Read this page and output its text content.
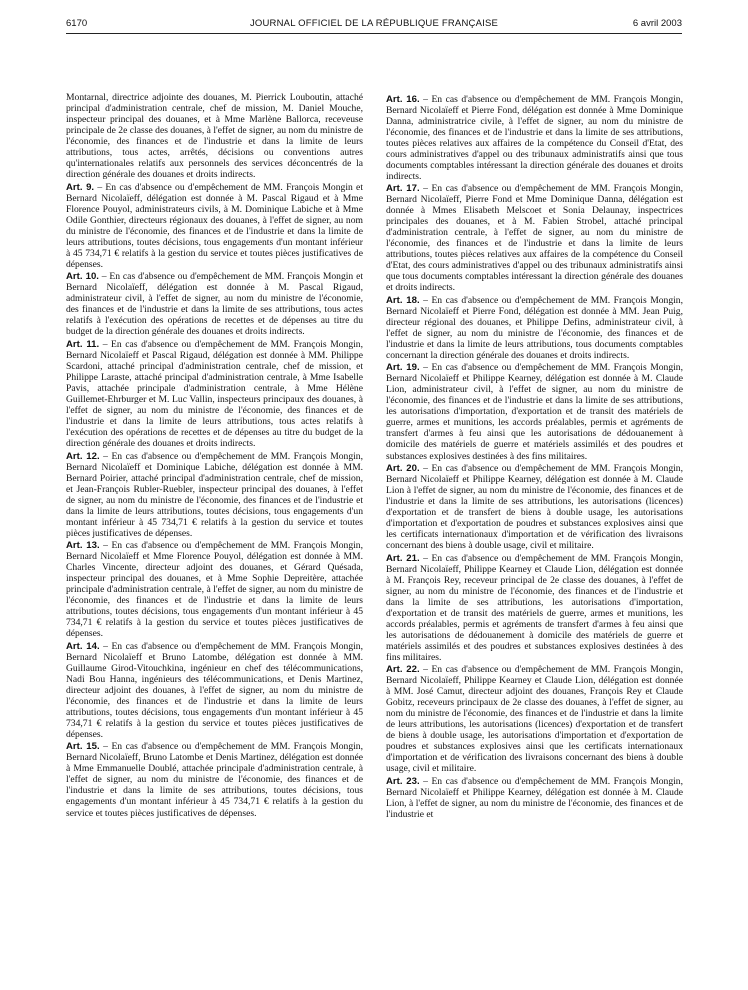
6170	JOURNAL OFFICIEL DE LA RÉPUBLIQUE FRANÇAISE	6 avril 2003

Montarnal, directrice adjointe des douanes, M. Pierrick Louboutin, attaché principal d'administration centrale, chef de mission, M. Daniel Mouche, inspecteur principal des douanes, et à Mme Marlène Ballorca, receveuse principale de 2e classe des douanes, à l'effet de signer, au nom du ministre de l'économie, des finances et de l'industrie et dans la limite de leurs attributions, tous actes, arrêtés, décisions ou conventions autres qu'internationales relatifs aux personnels des services déconcentrés de la direction générale des douanes et droits indirects.

Art. 9. – En cas d'absence ou d'empêchement de MM. François Mongin et Bernard Nicolaïeff, délégation est donnée à M. Pascal Rigaud et à Mme Florence Pouyol, administrateurs civils, à M. Dominique Labiche et à Mme Odile Gonthier, directeurs régionaux des douanes, à l'effet de signer, au nom du ministre de l'économie, des finances et de l'industrie et dans la limite de leurs attributions, toutes décisions, tous engagements d'un montant inférieur à 45 734,71 € relatifs à la gestion du service et toutes pièces justificatives de dépenses.

Art. 10. – En cas d'absence ou d'empêchement de MM. François Mongin et Bernard Nicolaïeff, délégation est donnée à M. Pascal Rigaud, administrateur civil, à l'effet de signer, au nom du ministre de l'économie, des finances et de l'industrie et dans la limite de ses attributions, tous actes relatifs à l'exécution des opérations de recettes et de dépenses au titre du budget de la direction générale des douanes et droits indirects.

Art. 11. – En cas d'absence ou d'empêchement de MM. François Mongin, Bernard Nicolaïeff et Pascal Rigaud, délégation est donnée à MM. Philippe Scardoni, attaché principal d'administration centrale, chef de mission, et Philippe Laraste, attaché principal d'administration centrale, à Mme Isabelle Pavis, attachée principale d'administration centrale, à Mme Hélène Guillemet-Ehrburger et M. Luc Vallin, inspecteurs principaux des douanes, à l'effet de signer, au nom du ministre de l'économie, des finances et de l'industrie et dans la limite de leurs attributions, tous actes relatifs à l'exécution des opérations de recettes et de dépenses au titre du budget de la direction générale des douanes et droits indirects.

Art. 12. – En cas d'absence ou d'empêchement de MM. François Mongin, Bernard Nicolaïeff et Dominique Labiche, délégation est donnée à MM. Bernard Poirier, attaché principal d'administration centrale, chef de mission, et Jean-François Rubler-Ruebler, inspecteur principal des douanes, à l'effet de signer, au nom du ministre de l'économie, des finances et de l'industrie et dans la limite de leurs attributions, toutes décisions, tous engagements d'un montant inférieur à 45 734,71 € relatifs à la gestion du service et toutes pièces justificatives de dépenses.

Art. 13. – En cas d'absence ou d'empêchement de MM. François Mongin, Bernard Nicolaïeff et Mme Florence Pouyol, délégation est donnée à MM. Charles Vincente, directeur adjoint des douanes, et Gérard Quésada, inspecteur principal des douanes, et à Mme Sophie Depreitère, attachée principale d'administration centrale, à l'effet de signer, au nom du ministre de l'économie, des finances et de l'industrie et dans la limite de leurs attributions, toutes décisions, tous engagements d'un montant inférieur à 45 734,71 € relatifs à la gestion du service et toutes pièces justificatives de dépenses.

Art. 14. – En cas d'absence ou d'empêchement de MM. François Mongin, Bernard Nicolaïeff et Bruno Latombe, délégation est donnée à MM. Guillaume Girod-Vitouchkina, ingénieur en chef des télécommunications, Nadi Bou Hanna, ingénieurs des télécommunications, et Denis Martinez, directeur adjoint des douanes, à l'effet de signer, au nom du ministre de l'économie, des finances et de l'industrie et dans la limite de leurs attributions, toutes décisions, tous engagements d'un montant inférieur à 45 734,71 € relatifs à la gestion du service et toutes pièces justificatives de dépenses.

Art. 15. – En cas d'absence ou d'empêchement de MM. François Mongin, Bernard Nicolaïeff, Bruno Latombe et Denis Martinez, délégation est donnée à Mme Emmanuelle Doublé, attachée principale d'administration centrale, à l'effet de signer, au nom du ministre de l'économie, des finances et de l'industrie et dans la limite de ses attributions, toutes décisions, tous engagements d'un montant inférieur à 45 734,71 € relatifs à la gestion du service et toutes pièces justificatives de dépenses.

Art. 16. – En cas d'absence ou d'empêchement de MM. François Mongin, Bernard Nicolaïeff et Pierre Fond, délégation est donnée à Mme Dominique Danna, administratrice civile, à l'effet de signer, au nom du ministre de l'économie, des finances et de l'industrie et dans la limite de ses attributions, toutes pièces relatives aux affaires de la compétence du Conseil d'Etat, des cours administratives d'appel ou des tribunaux administratifs ainsi que tous documents comptables intéressant la direction générale des douanes et droits indirects.

Art. 17. – En cas d'absence ou d'empêchement de MM. François Mongin, Bernard Nicolaïeff, Pierre Fond et Mme Dominique Danna, délégation est donnée à Mmes Elisabeth Melscoet et Sonia Delaunay, inspectrices principales des douanes, et à M. Fabien Strobel, attaché principal d'administration centrale, à l'effet de signer, au nom du ministre de l'économie, des finances et de l'industrie et dans la limite de leurs attributions, toutes pièces relatives aux affaires de la compétence du Conseil d'Etat, des cours administratives d'appel ou des tribunaux administratifs ainsi que tous documents comptables intéressant la direction générale des douanes et droits indirects.

Art. 18. – En cas d'absence ou d'empêchement de MM. François Mongin, Bernard Nicolaïeff et Pierre Fond, délégation est donnée à MM. Jean Puig, directeur régional des douanes, et Philippe Defins, administrateur civil, à l'effet de signer, au nom du ministre de l'économie, des finances et de l'industrie et dans la limite de leurs attributions, tous documents comptables concernant la direction générale des douanes et droits indirects.

Art. 19. – En cas d'absence ou d'empêchement de MM. François Mongin, Bernard Nicolaïeff et Philippe Kearney, délégation est donnée à M. Claude Lion, administrateur civil, à l'effet de signer, au nom du ministre de l'économie, des finances et de l'industrie et dans la limite de ses attributions, les autorisations d'importation, d'exportation et de transit des matériels de guerre, armes et munitions, les accords préalables, permis et agréments de transfert d'armes à feu ainsi que les autorisations de dédouanement à domicile des matériels de guerre et matériels assimilés et des poudres et substances explosives destinées à des fins militaires.

Art. 20. – En cas d'absence ou d'empêchement de MM. François Mongin, Bernard Nicolaïeff et Philippe Kearney, délégation est donnée à M. Claude Lion à l'effet de signer, au nom du ministre de l'économie, des finances et de l'industrie et dans la limite de ses attributions, les autorisations (licences) d'exportation et de transfert de biens à double usage, les autorisations d'importation et d'exportation de poudres et substances explosives ainsi que les certificats internationaux d'importation et de vérification des livraisons concernant des biens à double usage, civil et militaire.

Art. 21. – En cas d'absence ou d'empêchement de MM. François Mongin, Bernard Nicolaïeff, Philippe Kearney et Claude Lion, délégation est donnée à M. François Rey, receveur principal de 2e classe des douanes, à l'effet de signer, au nom du ministre de l'économie, des finances et de l'industrie et dans la limite de ses attributions, les autorisations d'importation, d'exportation et de transit des matériels de guerre, armes et munitions, les accords préalables, permis et agréments de transfert d'armes à feu ainsi que les autorisations de dédouanement à domicile des matériels de guerre et matériels assimilés et des poudres et substances explosives destinées à des fins militaires.

Art. 22. – En cas d'absence ou d'empêchement de MM. François Mongin, Bernard Nicolaïeff, Philippe Kearney et Claude Lion, délégation est donnée à MM. José Camut, directeur adjoint des douanes, François Rey et Claude Gobitz, receveurs principaux de 2e classe des douanes, à l'effet de signer, au nom du ministre de l'économie, des finances et de l'industrie et dans la limite de leurs attributions, les autorisations (licences) d'exportation et de transfert de biens à double usage, les autorisations d'importation et d'exportation de poudres et substances explosives ainsi que les certificats internationaux d'importation et de vérification des livraisons concernant des biens à double usage, civil et militaire.

Art. 23. – En cas d'absence ou d'empêchement de MM. François Mongin, Bernard Nicolaïeff et Philippe Kearney, délégation est donnée à M. Claude Lion, à l'effet de signer, au nom du ministre de l'économie, des finances et de l'industrie et
